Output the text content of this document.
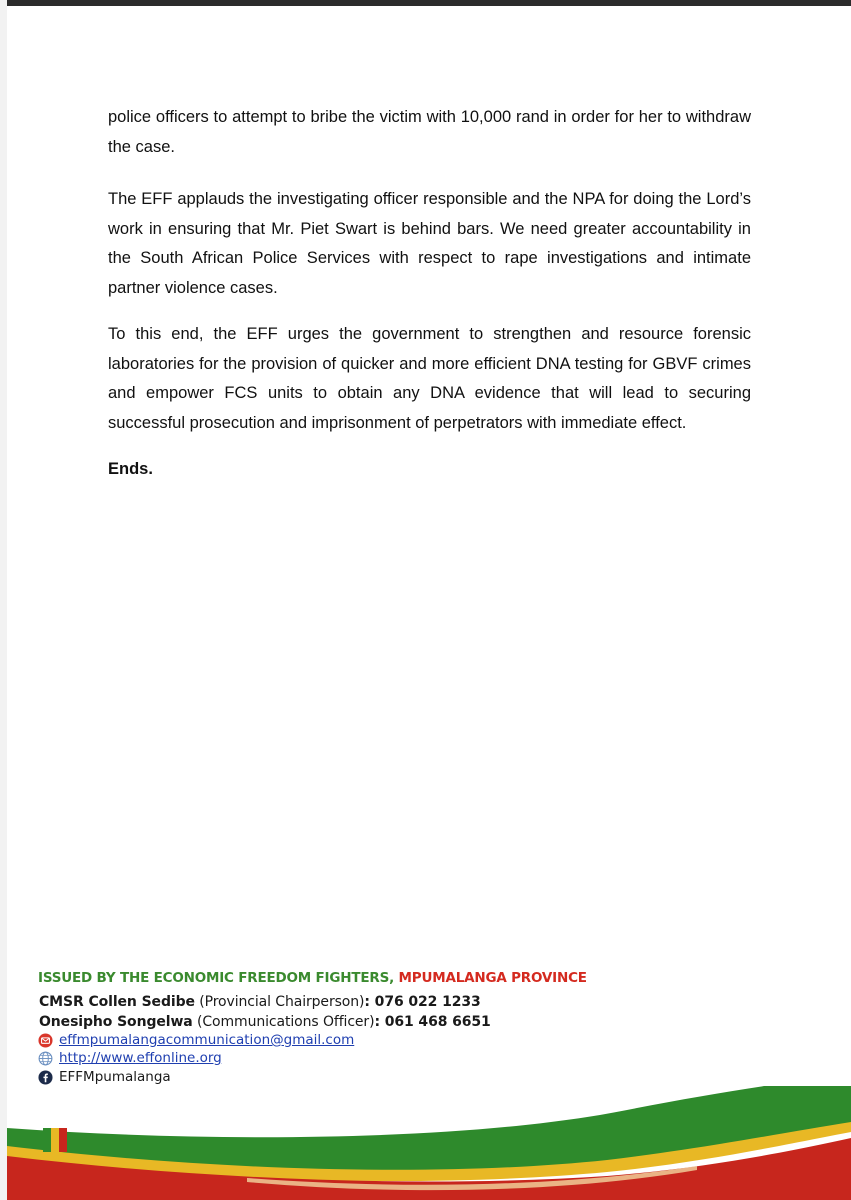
police officers to attempt to bribe the victim with 10,000 rand in order for her to withdraw the case.
The EFF applauds the investigating officer responsible and the NPA for doing the Lord’s work in ensuring that Mr. Piet Swart is behind bars. We need greater accountability in the South African Police Services with respect to rape investigations and intimate partner violence cases.
To this end, the EFF urges the government to strengthen and resource forensic laboratories for the provision of quicker and more efficient DNA testing for GBVF crimes and empower FCS units to obtain any DNA evidence that will lead to securing successful prosecution and imprisonment of perpetrators with immediate effect.
Ends.
ISSUED BY THE ECONOMIC FREEDOM FIGHTERS, MPUMALANGA PROVINCE
CMSR Collen Sedibe (Provincial Chairperson): 076 022 1233
Onesipho Songelwa (Communications Officer): 061 468 6651
effmpumalangacommunication@gmail.com
http://www.effonline.org
EFFMpumalanga
